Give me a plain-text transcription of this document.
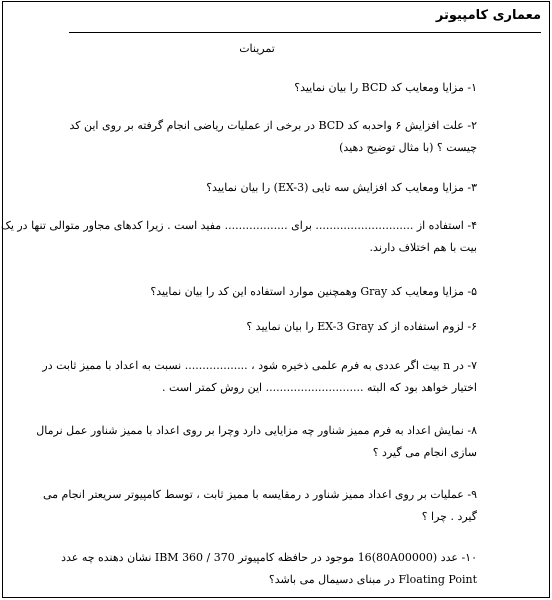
معماری کامپیوتر
تمرینات
۱- مزایا ومعایب کد BCD را بیان نمایید؟
۲- علت افزایش ۶ واحدبه کد BCD در برخی از عملیات ریاضی انجام گرفته بر روی این کد
چیست ؟ (با مثال توضیح دهید)
۳- مزایا ومعایب کد افزایش سه تایی (EX-3) را بیان نمایید؟
۴- استفاده از ............................ برای .................. مفید است . زیرا کدهای مجاور متوالی تنها در یک
بیت با هم اختلاف دارند.
۵- مزایا ومعایب کد Gray وهمچنین موارد استفاده این کد را بیان نمایید؟
۶- لزوم استفاده از کد EX-3 Gray را بیان نمایید ؟
۷- در n بیت اگر عددی به فرم علمی ذخیره شود ، .................. نسبت به اعداد با ممیز ثابت در
اختیار خواهد بود که البته ............................ این روش کمتر است .
۸- نمایش اعداد به فرم ممیز شناور چه مزایایی دارد وچرا بر روی اعداد با ممیز شناور عمل نرمال
سازی انجام می گیرد ؟
۹- عملیات بر روی اعداد ممیز شناور د رمقایسه با ممیز ثابت ، توسط کامپیوتر سریعتر انجام می
گیرد . چرا ؟
۱۰- عدد (80A00000)16 موجود در حافظه کامپیوتر IBM 360 / 370 نشان دهنده چه عدد
Floating Point در مبنای دسیمال می باشد؟
